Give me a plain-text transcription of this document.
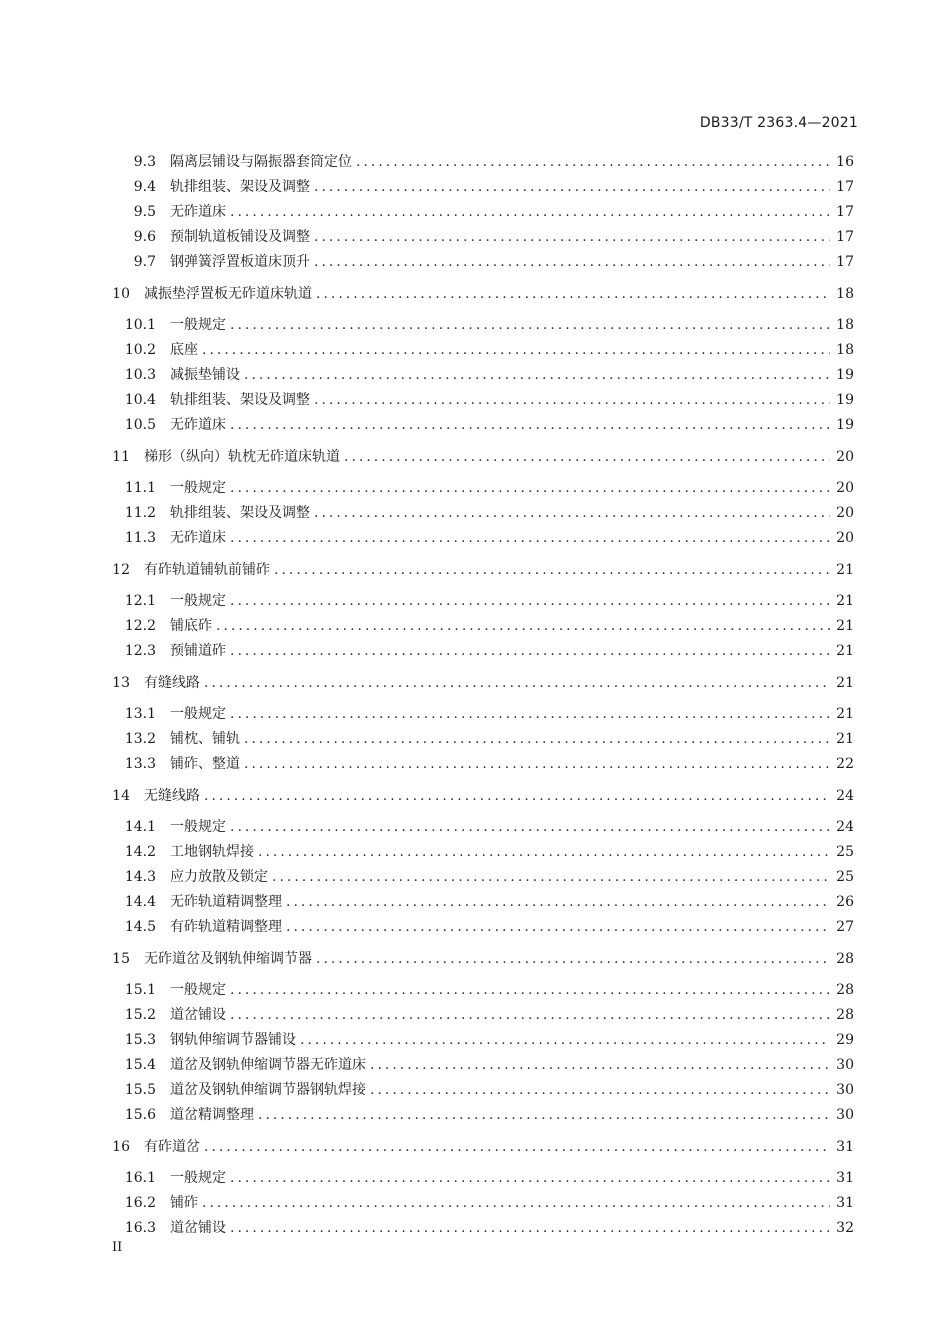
DB33/T 2363.4—2021
9.3	隔离层铺设与隔振器套筒定位 .....	16
9.4	轨排组装、架设及调整 .....	17
9.5	无砟道床 .....	17
9.6	预制轨道板铺设及调整 .....	17
9.7	钢弹簧浮置板道床顶升 .....	17
10	减振垫浮置板无砟道床轨道 .....	18
10.1	一般规定 .....	18
10.2	底座 .....	18
10.3	减振垫铺设 .....	19
10.4	轨排组装、架设及调整 .....	19
10.5	无砟道床 .....	19
11	梯形（纵向）轨枕无砟道床轨道 .....	20
11.1	一般规定 .....	20
11.2	轨排组装、架设及调整 .....	20
11.3	无砟道床 .....	20
12	有砟轨道铺轨前铺砟 .....	21
12.1	一般规定 .....	21
12.2	铺底砟 .....	21
12.3	预铺道砟 .....	21
13	有缝线路 .....	21
13.1	一般规定 .....	21
13.2	铺枕、铺轨 .....	21
13.3	铺砟、整道 .....	22
14	无缝线路 .....	24
14.1	一般规定 .....	24
14.2	工地钢轨焊接 .....	25
14.3	应力放散及锁定 .....	25
14.4	无砟轨道精调整理 .....	26
14.5	有砟轨道精调整理 .....	27
15	无砟道岔及钢轨伸缩调节器 .....	28
15.1	一般规定 .....	28
15.2	道岔铺设 .....	28
15.3	钢轨伸缩调节器铺设 .....	29
15.4	道岔及钢轨伸缩调节器无砟道床 .....	30
15.5	道岔及钢轨伸缩调节器钢轨焊接 .....	30
15.6	道岔精调整理 .....	30
16	有砟道岔 .....	31
16.1	一般规定 .....	31
16.2	铺砟 .....	31
16.3	道岔铺设 .....	32
II
